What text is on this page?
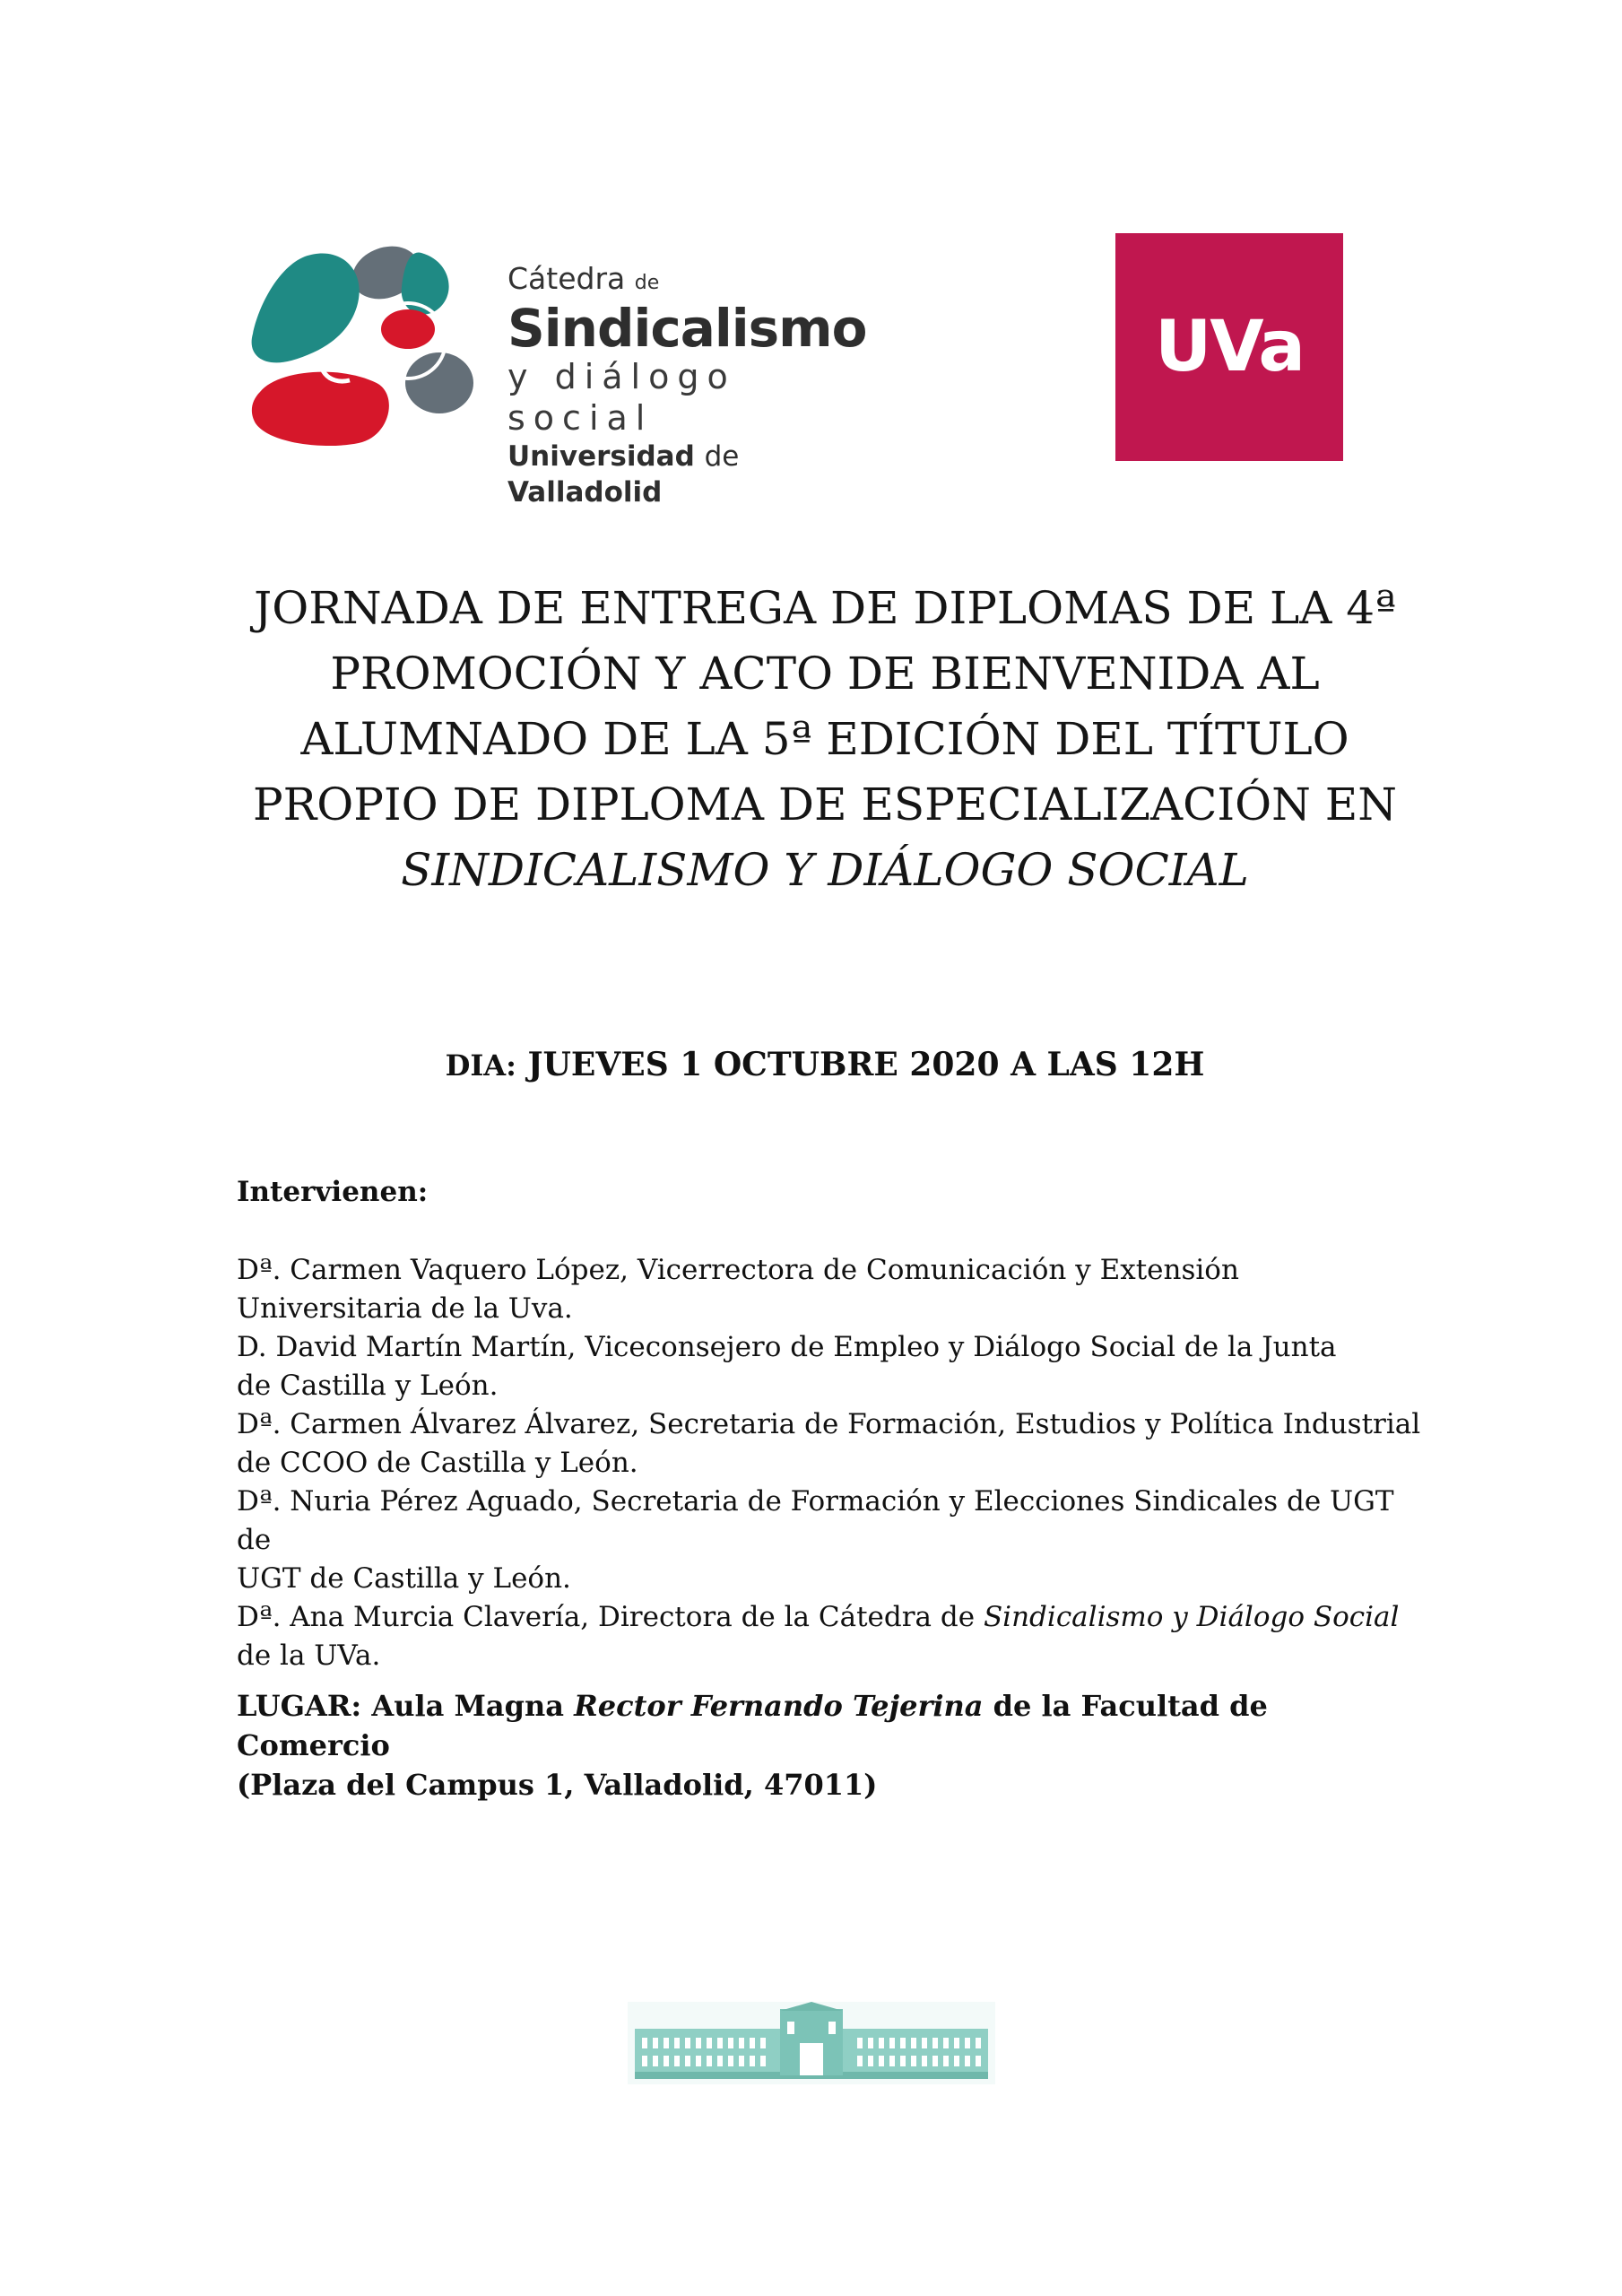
Cátedra de
Sindicalismo
y diálogo social
Universidad de Valladolid
UVa
JORNADA DE ENTREGA DE DIPLOMAS DE LA 4ª
PROMOCIÓN Y ACTO DE BIENVENIDA AL
ALUMNADO DE LA 5ª EDICIÓN DEL TÍTULO
PROPIO DE DIPLOMA DE ESPECIALIZACIÓN EN
SINDICALISMO Y DIÁLOGO SOCIAL
DIA: JUEVES 1 OCTUBRE 2020 A LAS 12H
Intervienen:

Dª. Carmen Vaquero López, Vicerrectora de Comunicación y Extensión
Universitaria de la Uva.

D. David Martín Martín, Viceconsejero de Empleo y Diálogo Social de la Junta
de Castilla y León.

Dª. Carmen Álvarez Álvarez, Secretaria de Formación, Estudios y Política Industrial
de CCOO de Castilla y León.

Dª. Nuria Pérez Aguado, Secretaria de Formación y Elecciones Sindicales de UGT de
UGT de Castilla y León.

Dª. Ana Murcia Clavería, Directora de la Cátedra de Sindicalismo y Diálogo Social
de la UVa.

LUGAR: Aula Magna Rector Fernando Tejerina de la Facultad de Comercio
(Plaza del Campus 1, Valladolid, 47011)
